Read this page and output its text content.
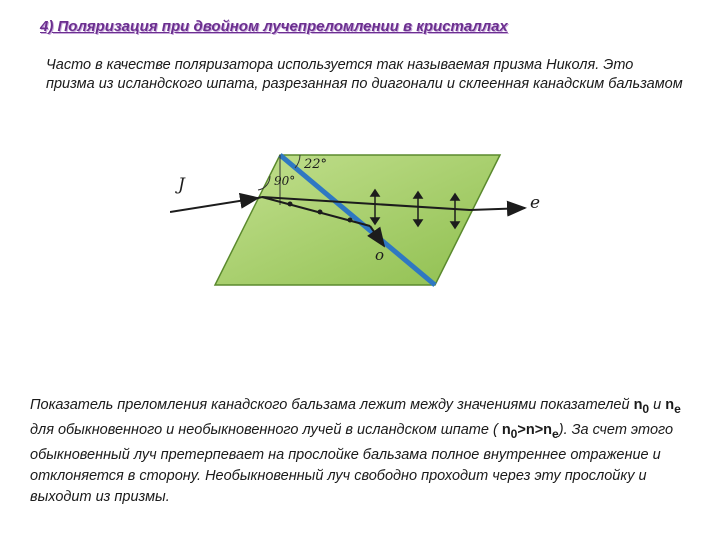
4) Поляризация при двойном лучепреломлении в кристаллах
Часто в качестве поляризатора используется так называемая призма Николя. Это призма из исландского шпата, разрезанная по диагонали и склеенная канадским бальзамом
22°
90°
J
e
o
Показатель преломления канадского бальзама лежит между значениями показателей $n_0$ и $n_e$ для обыкновенного и необыкновенного лучей в исландском шпате ( $n_0>n>n_e$). За счет этого обыкновенный луч претерпевает на прослойке бальзама полное внутреннее отражение и отклоняется в сторону. Необыкновенный луч свободно проходит через эту прослойку и выходит из призмы.
